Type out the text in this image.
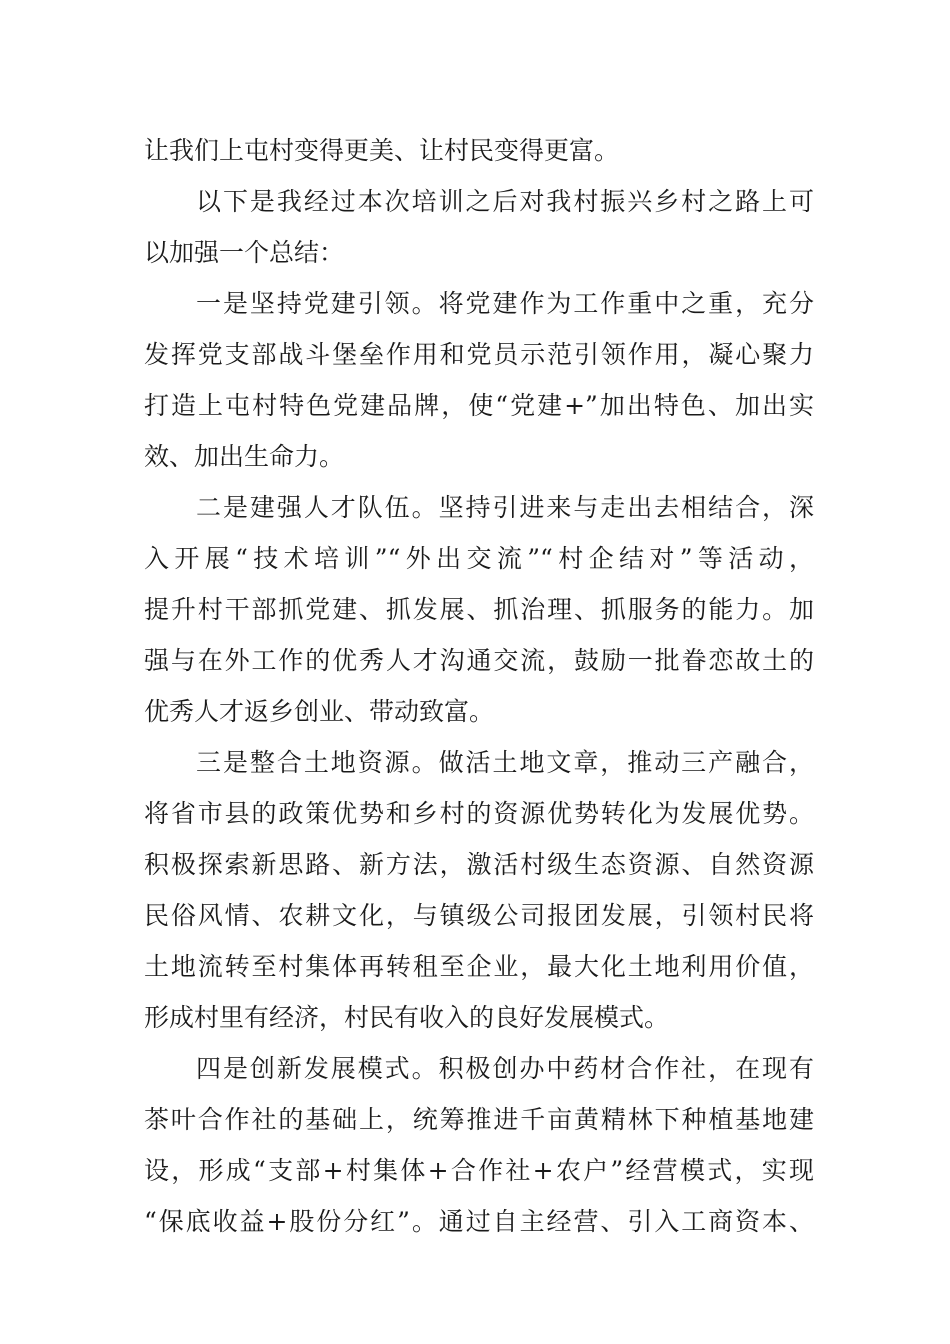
让我们上屯村变得更美、让村民变得更富。
以下是我经过本次培训之后对我村振兴乡村之路上可
以加强一个总结：
一是坚持党建引领。将党建作为工作重中之重，充分
发挥党支部战斗堡垒作用和党员示范引领作用，凝心聚力
打造上屯村特色党建品牌，使“党建+”加出特色、加出实
效、加出生命力。
二是建强人才队伍。坚持引进来与走出去相结合，深
入开展“技术培训”“外出交流”“村企结对”等活动，
提升村干部抓党建、抓发展、抓治理、抓服务的能力。加
强与在外工作的优秀人才沟通交流，鼓励一批眷恋故土的
优秀人才返乡创业、带动致富。
三是整合土地资源。做活土地文章，推动三产融合，
将省市县的政策优势和乡村的资源优势转化为发展优势。
积极探索新思路、新方法，激活村级生态资源、自然资源
民俗风情、农耕文化，与镇级公司报团发展，引领村民将
土地流转至村集体再转租至企业，最大化土地利用价值，
形成村里有经济，村民有收入的良好发展模式。
四是创新发展模式。积极创办中药材合作社，在现有
茶叶合作社的基础上，统筹推进千亩黄精林下种植基地建
设，形成“支部+村集体+合作社+农户”经营模式，实现
“保底收益+股份分红”。通过自主经营、引入工商资本、
